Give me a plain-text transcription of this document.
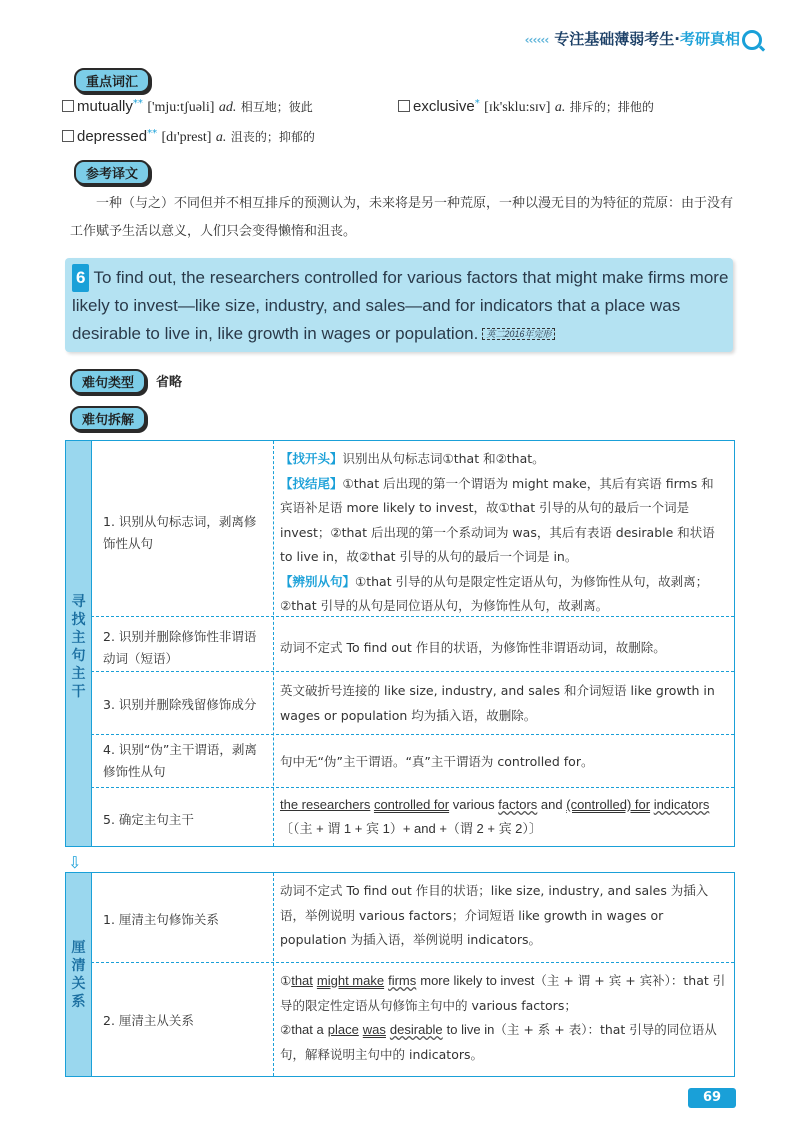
‹‹‹‹‹‹ 专注基础薄弱考生·考研真相
重点词汇
mutually** ['mju:tʃuəli] ad. 相互地；彼此	exclusive* [ɪk'sklu:sɪv] a. 排斥的；排他的
depressed** [dɪ'prest] a. 沮丧的；抑郁的
参考译文
一种（与之）不同但并不相互排斥的预测认为，未来将是另一种荒原，一种以漫无目的为特征的荒原：由于没有工作赋予生活以意义，人们只会变得懒惰和沮丧。
6 To find out, the researchers controlled for various factors that might make firms more likely to invest—like size, industry, and sales—and for indicators that a place was desirable to live in, like growth in wages or population. 英二2016年完形
难句类型	省略
难句拆解
寻
找
主
句
主
干
1. 识别从句标志词，剥离修饰性从句
【找开头】识别出从句标志词①that 和②that。
【找结尾】①that 后出现的第一个谓语为 might make，其后有宾语 firms 和宾语补足语 more likely to invest，故①that 引导的从句的最后一个词是 invest；②that 后出现的第一个系动词为 was，其后有表语 desirable 和状语 to live in，故②that 引导的从句的最后一个词是 in。
【辨别从句】①that 引导的从句是限定性定语从句，为修饰性从句，故剥离；②that 引导的从句是同位语从句，为修饰性从句，故剥离。
2. 识别并删除修饰性非谓语动词（短语）
动词不定式 To find out 作目的状语，为修饰性非谓语动词，故删除。
3. 识别并删除残留修饰成分
英文破折号连接的 like size, industry, and sales 和介词短语 like growth in wages or population 均为插入语，故删除。
4. 识别“伪”主干谓语，剥离修饰性从句
句中无“伪”主干谓语。“真”主干谓语为 controlled for。
5. 确定主句主干
the researchers controlled for various factors and (controlled) for indicators
〔（主 + 谓 1 + 宾 1）+ and +（谓 2 + 宾 2）〕
⇩
厘
清
关
系
1. 厘清主句修饰关系
动词不定式 To find out 作目的状语；like size, industry, and sales 为插入语，举例说明 various factors；介词短语 like growth in wages or population 为插入语，举例说明 indicators。
2. 厘清主从关系
①that might make firms more likely to invest（主 + 谓 + 宾 + 宾补）：that 引导的限定性定语从句修饰主句中的 various factors；
②that a place was desirable to live in（主 + 系 + 表）：that 引导的同位语从句，解释说明主句中的 indicators。
69
